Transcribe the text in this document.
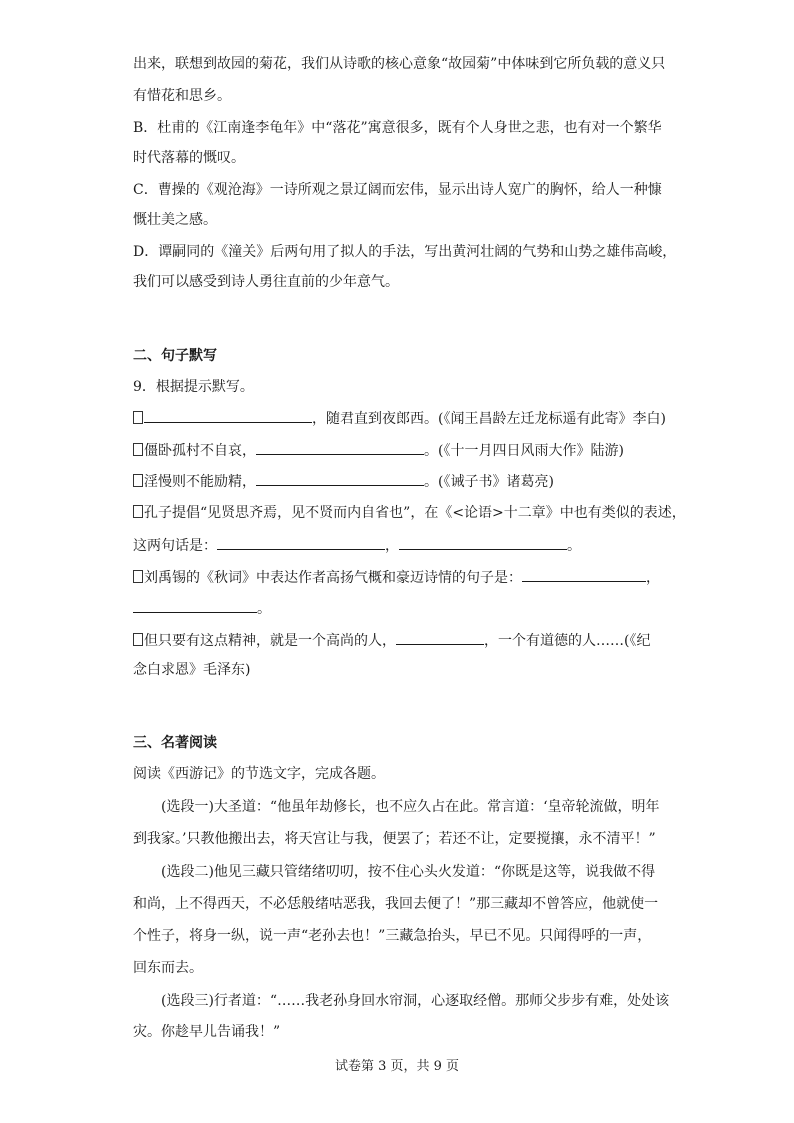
出来，联想到故园的菊花，我们从诗歌的核心意象“故园菊”中体味到它所负载的意义只
有惜花和思乡。
B．杜甫的《江南逢李龟年》中“落花”寓意很多，既有个人身世之悲，也有对一个繁华
时代落幕的慨叹。
C．曹操的《观沧海》一诗所观之景辽阔而宏伟，显示出诗人宽广的胸怀，给人一种慷
慨壮美之感。
D．谭嗣同的《潼关》后两句用了拟人的手法，写出黄河壮阔的气势和山势之雄伟高峻，
我们可以感受到诗人勇往直前的少年意气。
二、句子默写
9．根据提示默写。
，随君直到夜郎西。(《闻王昌龄左迁龙标遥有此寄》李白)
僵卧孤村不自哀，	。(《十一月四日风雨大作》陆游)
淫慢则不能励精，	。(《诫子书》诸葛亮)
孔子提倡“见贤思齐焉，见不贤而内自省也”，在《<论语>十二章》中也有类似的表述，
这两句话是：	，	。
刘禹锡的《秋词》中表达作者高扬气概和豪迈诗情的句子是：	，
。
但只要有这点精神，就是一个高尚的人，	，一个有道德的人……(《纪
念白求恩》毛泽东)
三、名著阅读
阅读《西游记》的节选文字，完成各题。
(选段一)大圣道：“他虽年劫修长，也不应久占在此。常言道：‘皇帝轮流做，明年
到我家。’只教他搬出去，将天宫让与我，便罢了；若还不让，定要搅攘，永不清平！”
(选段二)他见三藏只管绪绪叨叨，按不住心头火发道：“你既是这等，说我做不得
和尚，上不得西天，不必恁般绪咕恶我，我回去便了！”那三藏却不曾答应，他就使一
个性子，将身一纵，说一声“老孙去也！”三藏急抬头，早已不见。只闻得呼的一声，
回东而去。
(选段三)行者道：“……我老孙身回水帘洞，心逐取经僧。那师父步步有难，处处该
灾。你趁早儿告诵我！”
试卷第 3 页，共 9 页
